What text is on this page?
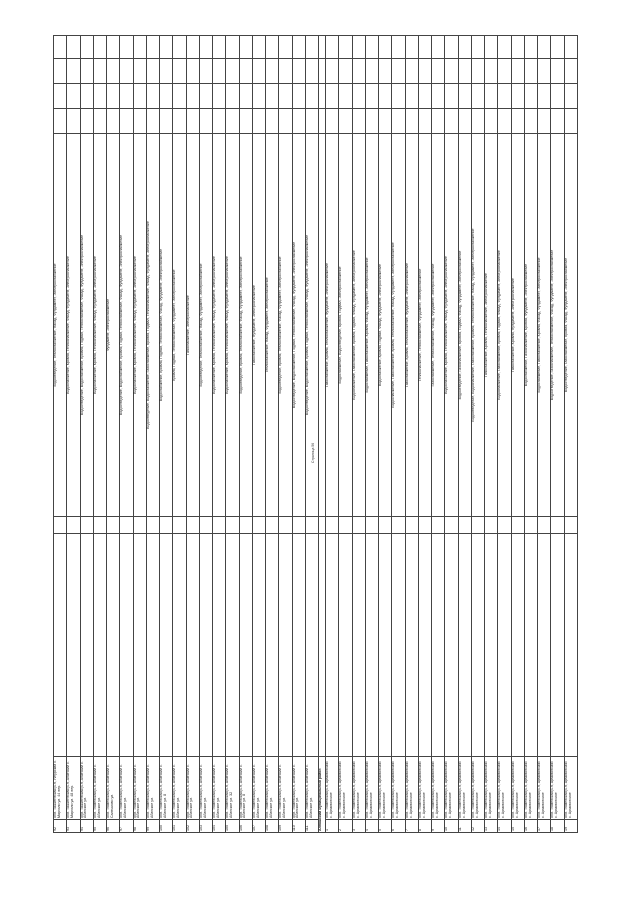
92	обл. Ташкентская р-н, Уйгурский с. Маргили ул. 44 пер.			Водоотведение, Теплоснабжение, Фасад, Фундамент, Электроснабжение				
93	обл. Ташкентская р-н, Абатский с. Маргили ул. 48 пер.			Водоснабжение, Кровля, Теплоснабжение, Фасад, Фундамент, Электроснабжение				
94	обл. Ташкентская р-н, Абатский с. Абатское ул.			Водоотведение, Водоснабжение, Кровля, Подвал, Теплоснабжение, Фасад, Фундамент, Электроснабжение				
95	обл. Тюменская р-н, Абатский с. Абатское ул.			Водоснабжение, Кровля, Теплоснабжение, Фасад, Фундамент, Электроснабжение				
96	обл. Тюменская р-н, Абатский с. Салтыково ул.			Фундамент, Электроснабжение				
97	обл. Тюменская р-н, Абатский с. Абатское ул.			Водоотведение, Водоснабжение, Кровля, Подвал, Теплоснабжение, Фасад, Фундамент, Электроснабжение				
98	обл. Тюменская р-н, Абатский с. Абатское ул.			Водоснабжение, Кровля, Теплоснабжение, Фасад, Фундамент, Электроснабжение				
99	обл. Тюменская р-н, Абатский с. Абатское ул.			Водоотведение, Водоснабжение, Газоснабжение, Кровля, Подвал, Теплоснабжение, Фасад, Фундамент, Электроснабжение				
100	обл. Тюменская р-н, Абатский с. Абатское ул. 8			Водоснабжение, Кровля, Подвал, Теплоснабжение, Фасад, Фундамент, Электроснабжение				
101	обл. Тюменская р-н, Абатский с. Абатское ул.			Кровля, Подвал, Теплоснабжение, Фундамент, Электроснабжение				
102	обл. Тюменская р-н, Абатский с. Абатское ул.			Газоснабжение, Электроснабжение				
103	обл. Тюменская р-н, Абатский с. Абатское ул.			Водоотведение, Теплоснабжение, Фасад, Фундамент, Электроснабжение				
104	обл. Тюменская р-н, Абатский с. Абатское ул.			Водоснабжение, Кровля, Теплоснабжение, Фасад, Фундамент, Электроснабжение				
105	обл. Тюменская р-н, Абатский с. Абатское ул. 32			Водоснабжение, Кровля, Теплоснабжение, Фасад, Фундамент, Электроснабжение				
106	обл. Тюменская р-н, Абатский с. Абатское ул. 8			Водоотведение, Кровля, Теплоснабжение, Фасад, Фундамент, Электроснабжение				
107	обл. Тюменская р-н, Абатский с. Абатское ул.			Газоснабжение, Фундамент, Электроснабжение				
108	обл. Тюменская р-н, Абатский с. Абатское ул.			Теплоснабжение, Фасад, Фундамент, Электроснабжение				
109	обл. Тюменская р-н, Абатский с. Абатское ул.			Водоотведение, Кровля, Теплоснабжение, Фасад, Фундамент, Электроснабжение				
110	обл. Тюменская р-н, Абатский с. Абатское ул.			Водоотведение, Водоснабжение, Подвал, Теплоснабжение, Фасад, Фундамент, Электроснабжение				
111	обл. Тюменская р-н, Абатский с. Абатское ул.			Водоотведение, Водоснабжение, Кровля, Подвал, Теплоснабжение, Фасад, Фундамент, Электроснабжение				
Алнашский муниципальный район								
1	обл. Тюменская р-н, Армизонский с. Армизонское			Газоснабжение, Кровля, Теплоснабжение, Фундамент, Электроснабжение				
2	обл. Тюменская р-н, Армизонский с. Армизонское			Водоснабжение, Водоотведение, Кровля, Подвал, Электроснабжение				
3	обл. Тюменская р-н, Армизонский с. Армизонское			Водоснабжение, Газоснабжение, Кровля, Подвал, Фасад, Фундамент, Электроснабжение				
4	обл. Тюменская р-н, Армизонский с. Армизонское			Водоснабжение, Газоснабжение, Кровля, Фасад, Фундамент, Электроснабжение				
5	обл. Тюменская р-н, Армизонский с. Армизонское			Водоснабжение, Кровля, Подвал, Фасад, Фундамент, Электроснабжение				
6	обл. Тюменская р-н, Армизонский с. Армизонское			Водоснабжение, Газоснабжение, Кровля, Теплоснабжение, Фасад, Фундамент, Электроснабжение				
7	обл. Тюменская р-н, Армизонский с. Армизонское			Газоснабжение, Кровля, Теплоснабжение, Фундамент, Электроснабжение				
8	обл. Тюменская р-н, Армизонский с. Армизонское			Теплоснабжение, Теплоснабжение, Фундамент, Электроснабжение				
9	обл. Тюменская р-н, Армизонский с. Армизонское			Газоснабжение, Теплоснабжение, Фасад, Фундамент, Электроснабжение				
10	обл. Тюменская р-н, Армизонский с. Армизонское			Водоснабжение, Кровля, Теплоснабжение, Фасад, Фундамент, Электроснабжение				
11	обл. Тюменская р-н, Армизонский с. Армизонское			Водоотведение, Газоснабжение, Кровля, Подвал, Фасад, Фундамент, Электроснабжение				
12	обл. Тюменская р-н, Армизонский с. Армизонское			Водоотведение, Водоснабжение, Газоснабжение, Кровля, Теплоснабжение, Фасад, Фундамент, Электроснабжение				
13	обл. Тюменская р-н, Армизонский с. Армизонское			Газоснабжение, Кровля, Теплоснабжение, Электроснабжение				
14	обл. Тюменская р-н, Армизонский с. Армизонское			Водоснабжение, Газоснабжение, Кровля, Подвал, Фасад, Фундамент, Электроснабжение				
15	обл. Тюменская р-н, Армизонский с. Армизонское			Газоснабжение, Кровля, Фундамент, Электроснабжение				
16	обл. Тюменская р-н, Армизонский с. Армизонское			Водоснабжение, Газоснабжение, Кровля, Фундамент, Электроснабжение				
17	обл. Тюменская р-н, Армизонский с. Армизонское			Водоснабжение, Газоснабжение, Кровля, Фасад, Фундамент, Электроснабжение				
18	обл. Тюменская р-н, Армизонский с. Армизонское			Водоотведение, Газоснабжение, Теплоснабжение, Фасад, Фундамент, Электроснабжение				
19	обл. Тюменская р-н, Армизонский с. Армизонское			Водоотведение, Газоснабжение, Кровля, Фасад, Фундамент, Электроснабжение				
Страница 56
